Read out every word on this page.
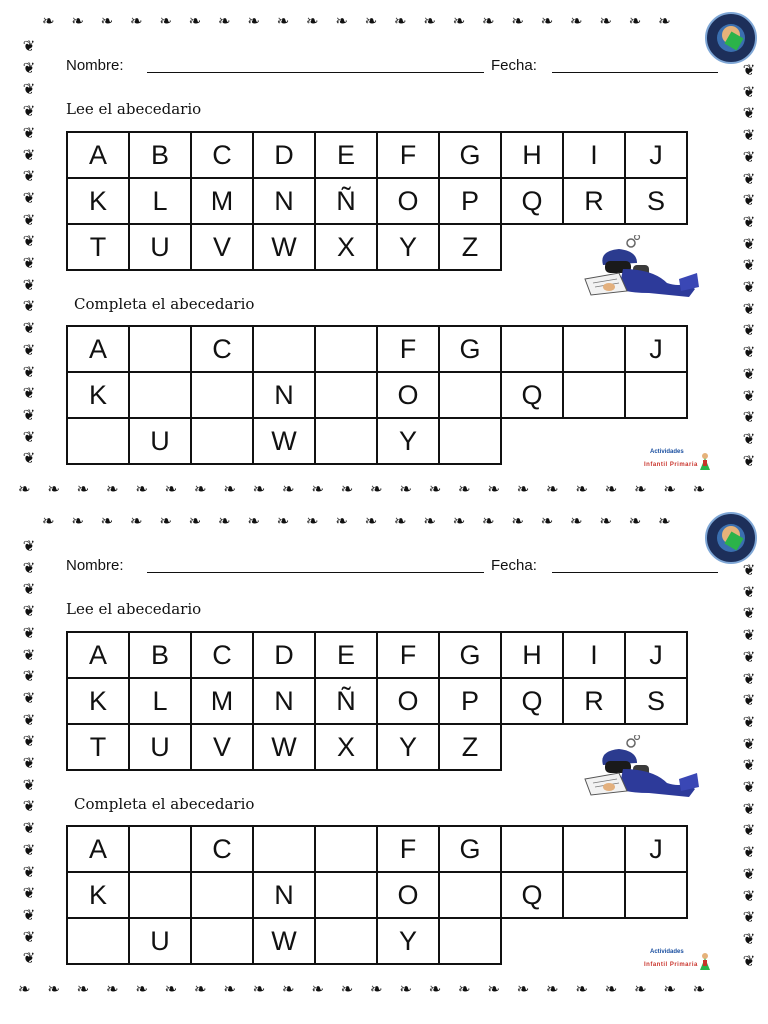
❧ ❧ ❧ ❧ ❧ ❧ ❧ ❧ ❧ ❧ ❧ ❧ ❧ ❧ ❧ ❧ ❧ ❧ ❧ ❧ ❧ ❧
❧ ❧ ❧ ❧ ❧ ❧ ❧ ❧ ❧ ❧ ❧ ❧ ❧ ❧ ❧ ❧ ❧ ❧ ❧ ❧ ❧ ❧ ❧ ❧
❦ ❦ ❦ ❦ ❦ ❦ ❦ ❦ ❦ ❦ ❦ ❦ ❦ ❦ ❦ ❦ ❦ ❦ ❦ ❦
❦ ❦ ❦ ❦ ❦ ❦ ❦ ❦ ❦ ❦ ❦ ❦ ❦ ❦ ❦ ❦ ❦ ❦ ❦
Nombre:	Fecha:
Lee el abecedario
A	B	C	D	E	F	G	H	I	J
K	L	M	N	Ñ	O	P	Q	R	S
T	U	V	W	X	Y	Z			
Completa el abecedario
A		C			F	G			J
K			N		O		Q		
	U		W		Y					Actividades
Infantil Primaria
❧ ❧ ❧ ❧ ❧ ❧ ❧ ❧ ❧ ❧ ❧ ❧ ❧ ❧ ❧ ❧ ❧ ❧ ❧ ❧ ❧ ❧
❧ ❧ ❧ ❧ ❧ ❧ ❧ ❧ ❧ ❧ ❧ ❧ ❧ ❧ ❧ ❧ ❧ ❧ ❧ ❧ ❧ ❧ ❧ ❧
❦ ❦ ❦ ❦ ❦ ❦ ❦ ❦ ❦ ❦ ❦ ❦ ❦ ❦ ❦ ❦ ❦ ❦ ❦ ❦
❦ ❦ ❦ ❦ ❦ ❦ ❦ ❦ ❦ ❦ ❦ ❦ ❦ ❦ ❦ ❦ ❦ ❦ ❦
Nombre:	Fecha:
Lee el abecedario
A	B	C	D	E	F	G	H	I	J
K	L	M	N	Ñ	O	P	Q	R	S
T	U	V	W	X	Y	Z			
Completa el abecedario
A		C			F	G			J
K			N		O		Q		
	U		W		Y					Actividades
Infantil Primaria
